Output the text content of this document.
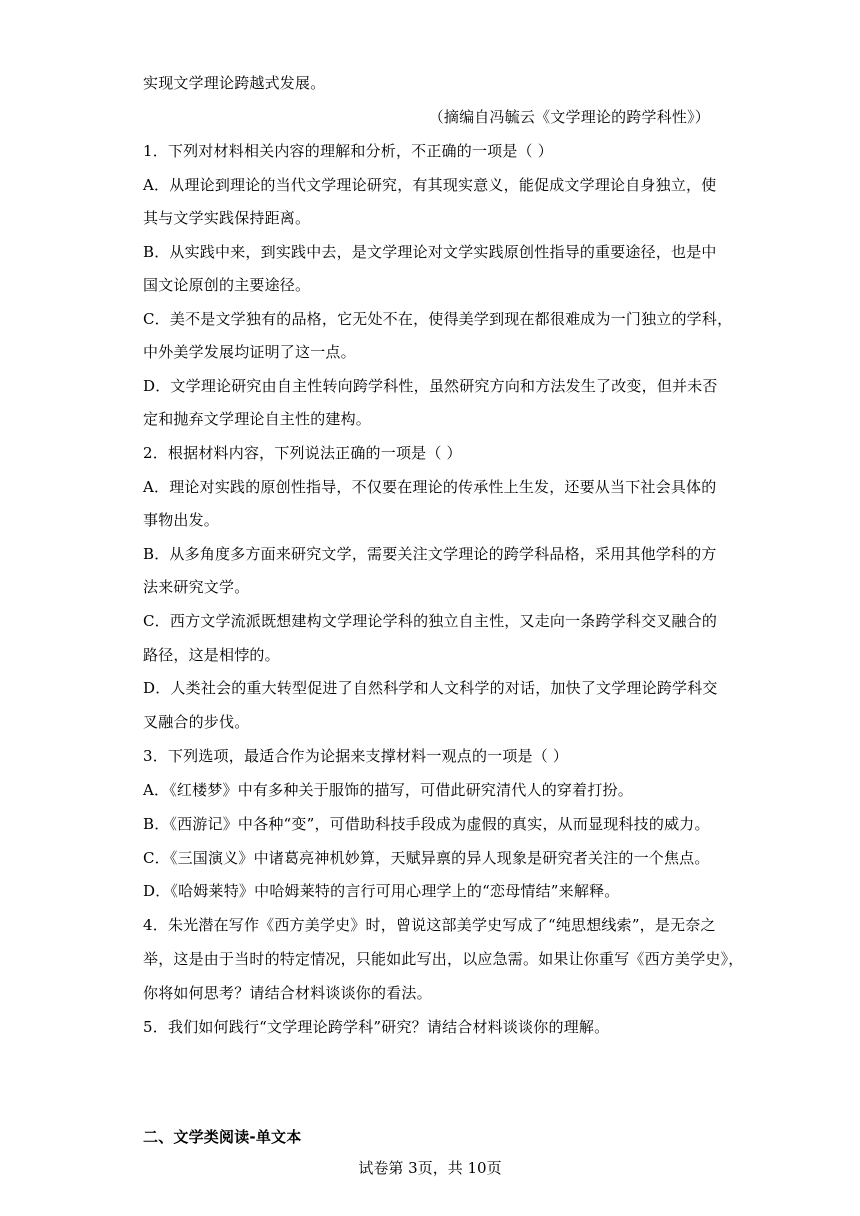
实现文学理论跨越式发展。
（摘编自冯毓云《文学理论的跨学科性》）
1．下列对材料相关内容的理解和分析，不正确的一项是（ ）
A．从理论到理论的当代文学理论研究，有其现实意义，能促成文学理论自身独立，使
其与文学实践保持距离。
B．从实践中来，到实践中去，是文学理论对文学实践原创性指导的重要途径，也是中
国文论原创的主要途径。
C．美不是文学独有的品格，它无处不在，使得美学到现在都很难成为一门独立的学科，
中外美学发展均证明了这一点。
D．文学理论研究由自主性转向跨学科性，虽然研究方向和方法发生了改变，但并未否
定和抛弃文学理论自主性的建构。
2．根据材料内容，下列说法正确的一项是（ ）
A．理论对实践的原创性指导，不仅要在理论的传承性上生发，还要从当下社会具体的
事物出发。
B．从多角度多方面来研究文学，需要关注文学理论的跨学科品格，采用其他学科的方
法来研究文学。
C．西方文学流派既想建构文学理论学科的独立自主性，又走向一条跨学科交叉融合的
路径，这是相悖的。
D．人类社会的重大转型促进了自然科学和人文科学的对话，加快了文学理论跨学科交
叉融合的步伐。
3．下列选项，最适合作为论据来支撑材料一观点的一项是（ ）
A．《红楼梦》中有多种关于服饰的描写，可借此研究清代人的穿着打扮。
B．《西游记》中各种“变”，可借助科技手段成为虚假的真实，从而显现科技的威力。
C．《三国演义》中诸葛亮神机妙算，天赋异禀的异人现象是研究者关注的一个焦点。
D．《哈姆莱特》中哈姆莱特的言行可用心理学上的“恋母情结”来解释。
4．朱光潜在写作《西方美学史》时，曾说这部美学史写成了“纯思想线索”，是无奈之
举，这是由于当时的特定情况，只能如此写出，以应急需。如果让你重写《西方美学史》，
你将如何思考？请结合材料谈谈你的看法。
5．我们如何践行“文学理论跨学科”研究？请结合材料谈谈你的理解。
二、文学类阅读-单文本
试卷第 3页，共 10页
